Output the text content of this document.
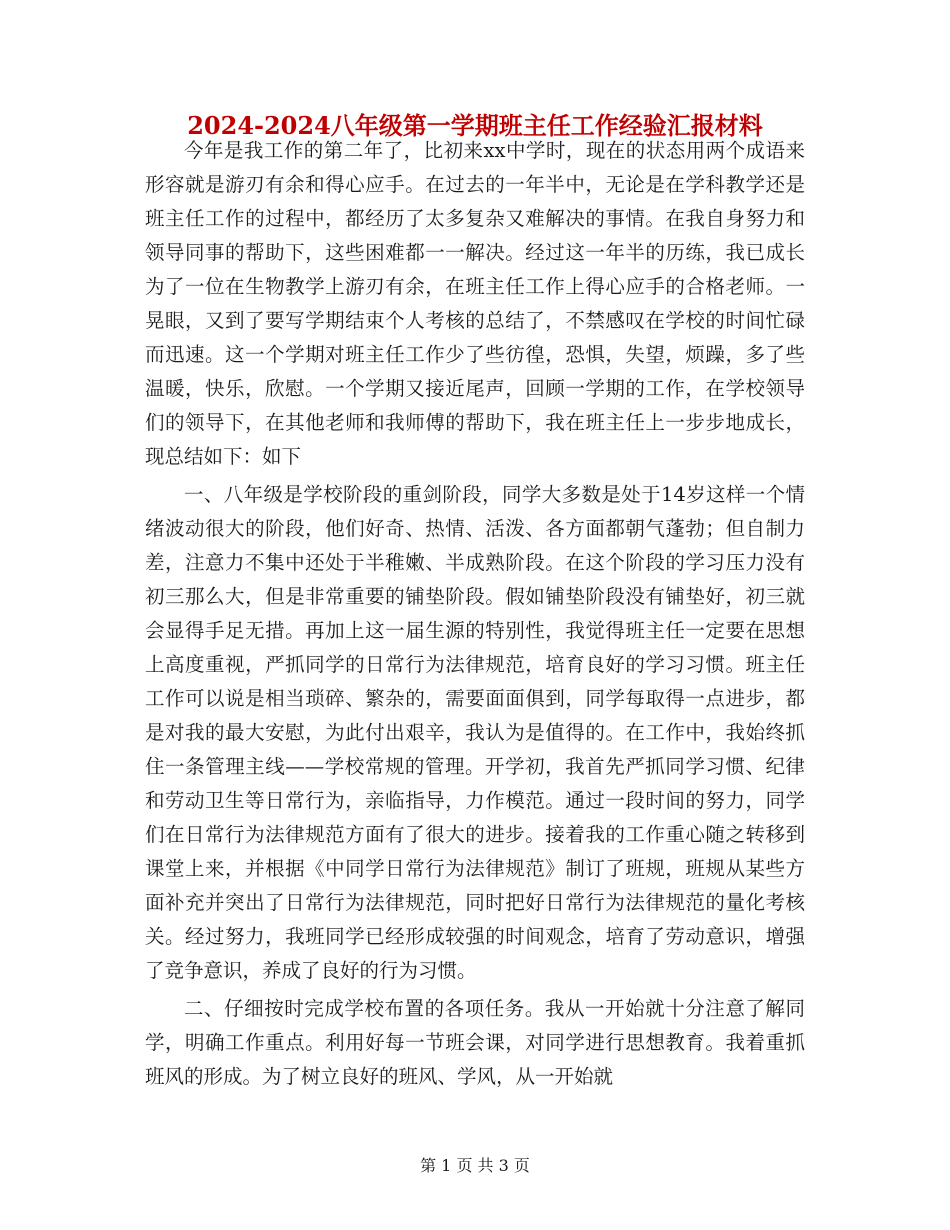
2024-2024八年级第一学期班主任工作经验汇报材料

今年是我工作的第二年了，比初来xx中学时，现在的状态用两个成语来形容就是游刃有余和得心应手。在过去的一年半中，无论是在学科教学还是班主任工作的过程中，都经历了太多复杂又难解决的事情。在我自身努力和领导同事的帮助下，这些困难都一一解决。经过这一年半的历练，我已成长为了一位在生物教学上游刃有余，在班主任工作上得心应手的合格老师。一晃眼，又到了要写学期结束个人考核的总结了，不禁感叹在学校的时间忙碌而迅速。这一个学期对班主任工作少了些彷徨，恐惧，失望，烦躁，多了些温暖，快乐，欣慰。一个学期又接近尾声，回顾一学期的工作，在学校领导们的领导下，在其他老师和我师傅的帮助下，我在班主任上一步步地成长，现总结如下：如下

一、八年级是学校阶段的重剑阶段，同学大多数是处于14岁这样一个情绪波动很大的阶段，他们好奇、热情、活泼、各方面都朝气蓬勃；但自制力差，注意力不集中还处于半稚嫩、半成熟阶段。在这个阶段的学习压力没有初三那么大，但是非常重要的铺垫阶段。假如铺垫阶段没有铺垫好，初三就会显得手足无措。再加上这一届生源的特别性，我觉得班主任一定要在思想上高度重视，严抓同学的日常行为法律规范，培育良好的学习习惯。班主任工作可以说是相当琐碎、繁杂的，需要面面俱到，同学每取得一点进步，都是对我的最大安慰，为此付出艰辛，我认为是值得的。在工作中，我始终抓住一条管理主线——学校常规的管理。开学初，我首先严抓同学习惯、纪律和劳动卫生等日常行为，亲临指导，力作模范。通过一段时间的努力，同学们在日常行为法律规范方面有了很大的进步。接着我的工作重心随之转移到课堂上来，并根据《中同学日常行为法律规范》制订了班规，班规从某些方面补充并突出了日常行为法律规范，同时把好日常行为法律规范的量化考核关。经过努力，我班同学已经形成较强的时间观念，培育了劳动意识，增强了竞争意识，养成了良好的行为习惯。

二、仔细按时完成学校布置的各项任务。我从一开始就十分注意了解同学，明确工作重点。利用好每一节班会课，对同学进行思想教育。我着重抓班风的形成。为了树立良好的班风、学风，从一开始就

第 1 页 共 3 页
